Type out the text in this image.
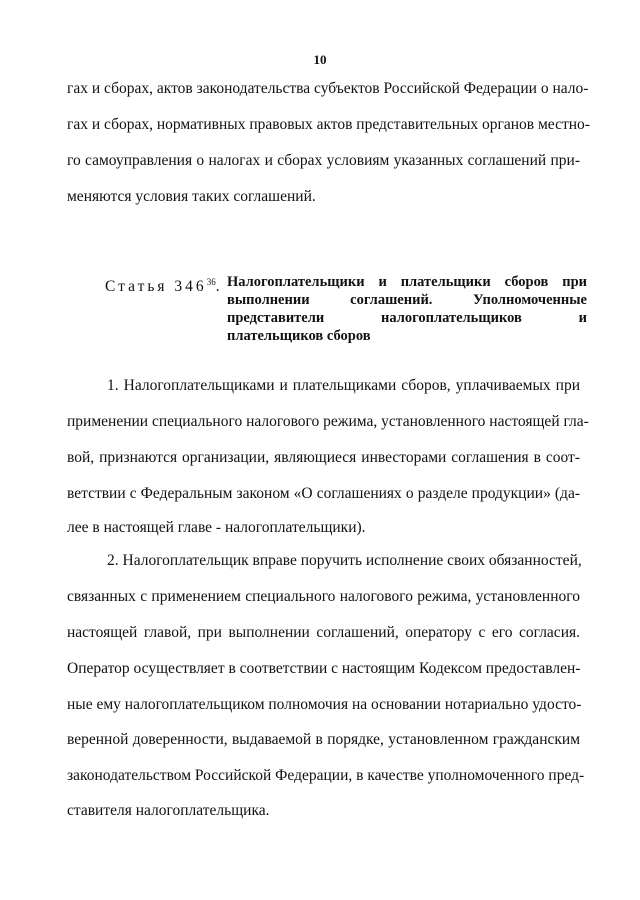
10
гах и сборах, актов законодательства субъектов Российской Федерации о нало-
гах и сборах, нормативных правовых актов представительных органов местно-
го самоуправления о налогах и сборах условиям указанных соглашений при-
меняются условия таких соглашений.
Статья $346^{36}$. Налогоплательщики и плательщики сборов при
выполнении соглашений. Уполномоченные
представители налогоплательщиков и
плательщиков сборов
1. Налогоплательщиками и плательщиками сборов, уплачиваемых при
применении специального налогового режима, установленного настоящей гла-
вой, признаются организации, являющиеся инвесторами соглашения в соот-
ветствии с Федеральным законом «О соглашениях о разделе продукции» (да-
лее в настоящей главе - налогоплательщики).
2. Налогоплательщик вправе поручить исполнение своих обязанностей,
связанных с применением специального налогового режима, установленного
настоящей главой, при выполнении соглашений, оператору с его согласия.
Оператор осуществляет в соответствии с настоящим Кодексом предоставлен-
ные ему налогоплательщиком полномочия на основании нотариально удосто-
веренной доверенности, выдаваемой в порядке, установленном гражданским
законодательством Российской Федерации, в качестве уполномоченного пред-
ставителя налогоплательщика.
